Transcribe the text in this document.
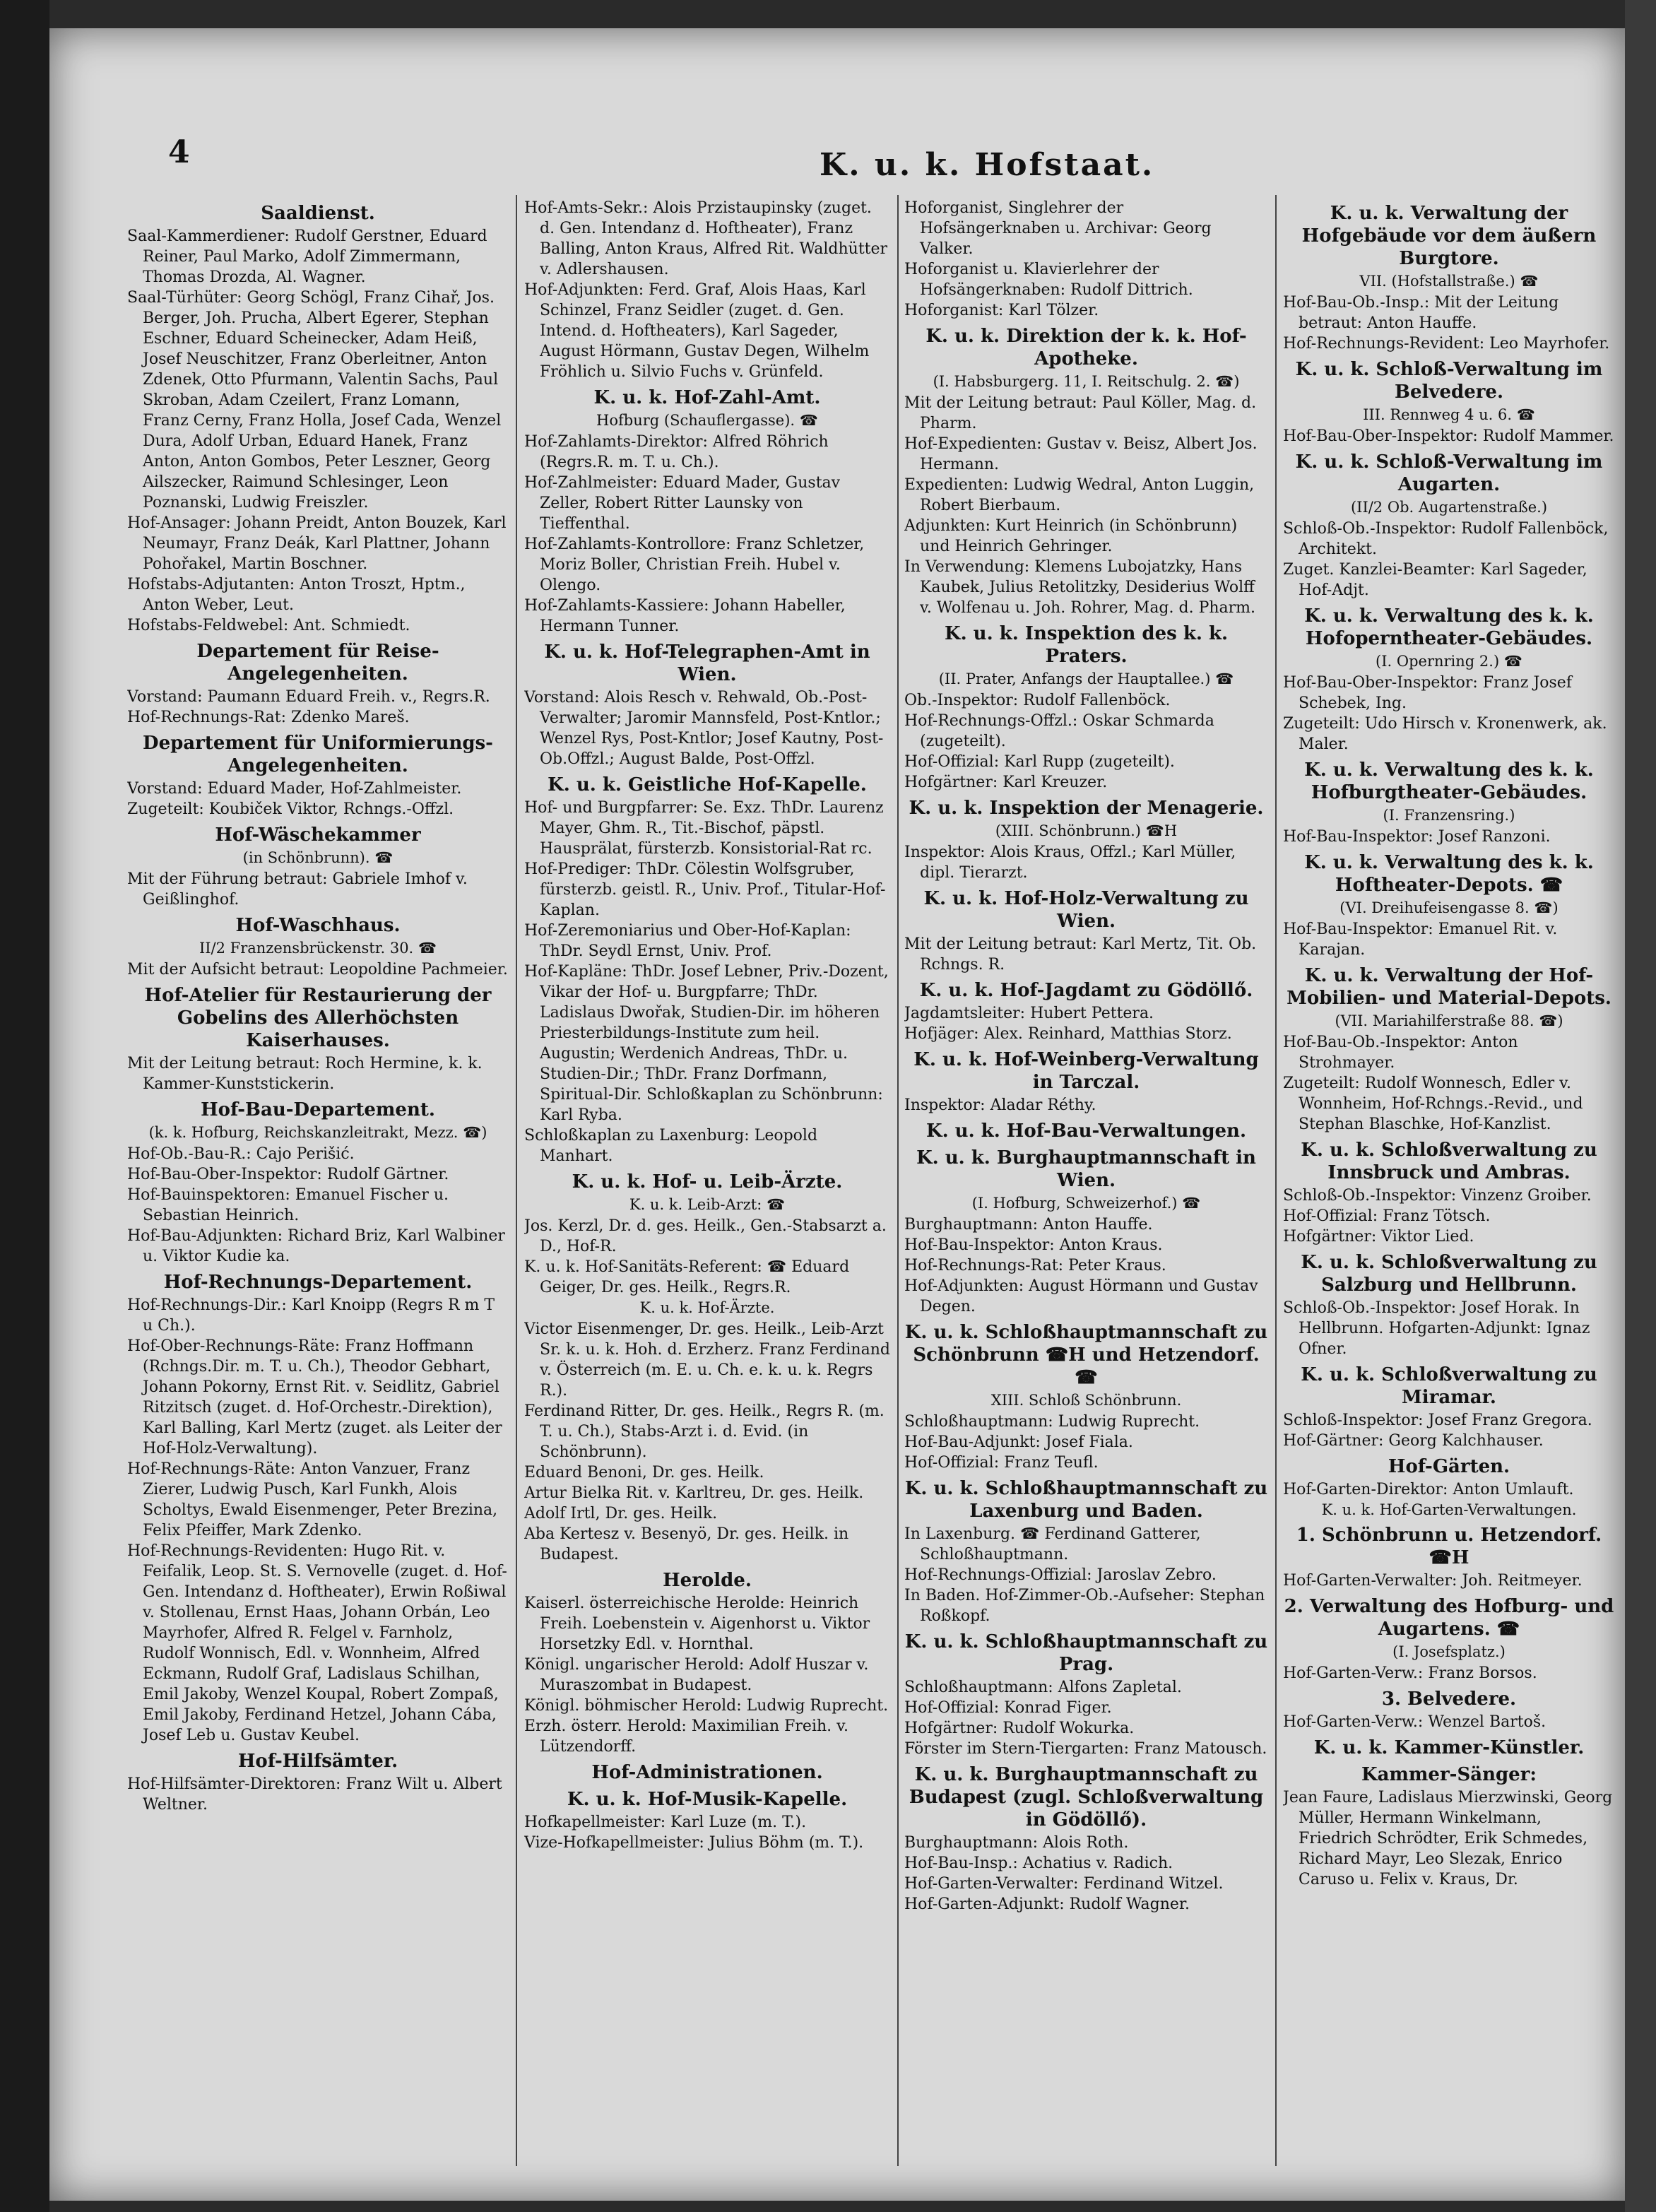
4	K. u. k. Hofstaat.
Saaldienst.
Saal-Kammerdiener: Rudolf Gerstner, Eduard Reiner, Paul Marko, Adolf Zimmermann, Thomas Drozda, Al. Wagner.
Saal-Türhüter: Georg Schögl, Franz Cihař, Jos. Berger, Joh. Prucha, Albert Egerer, Stephan Eschner, Eduard Scheinecker, Adam Heiß, Josef Neuschitzer, Franz Oberleitner, Anton Zdenek, Otto Pfurmann, Valentin Sachs, Paul Skroban, Adam Czeilert, Franz Lomann, Franz Cerny, Franz Holla, Josef Cada, Wenzel Dura, Adolf Urban, Eduard Hanek, Franz Anton, Anton Gombos, Peter Leszner, Georg Ailszecker, Raimund Schlesinger, Leon Poznanski, Ludwig Freiszler.
Hof-Ansager: Johann Preidt, Anton Bouzek, Karl Neumayr, Franz Deák, Karl Plattner, Johann Pohořakel, Martin Boschner.
Hofstabs-Adjutanten: Anton Troszt, Hptm., Anton Weber, Leut.
Hofstabs-Feldwebel: Ant. Schmiedt.
Departement für Reise-Angelegenheiten.
Vorstand: Paumann Eduard Freih. v., Regrs.R.
Hof-Rechnungs-Rat: Zdenko Mareš.
Departement für Uniformierungs-Angelegenheiten.
Vorstand: Eduard Mader, Hof-Zahlmeister.
Zugeteilt: Koubiček Viktor, Rchngs.-Offzl.
Hof-Wäschekammer
(in Schönbrunn). ☎
Mit der Führung betraut: Gabriele Imhof v. Geißlinghof.
Hof-Waschhaus.
II/2 Franzensbrückenstr. 30. ☎
Mit der Aufsicht betraut: Leopoldine Pachmeier.
Hof-Atelier für Restaurierung der Gobelins des Allerhöchsten Kaiserhauses.
Mit der Leitung betraut: Roch Hermine, k. k. Kammer-Kunststickerin.
Hof-Bau-Departement.
(k. k. Hofburg, Reichskanzleitrakt, Mezz. ☎)
Hof-Ob.-Bau-R.: Cajo Perišić.
Hof-Bau-Ober-Inspektor: Rudolf Gärtner.
Hof-Bauinspektoren: Emanuel Fischer u. Sebastian Heinrich.
Hof-Bau-Adjunkten: Richard Briz, Karl Walbiner u. Viktor Kudie ka.
Hof-Rechnungs-Departement.
Hof-Rechnungs-Dir.: Karl Knoipp (Regrs R m T u Ch.).
Hof-Ober-Rechnungs-Räte: Franz Hoffmann (Rchngs.Dir. m. T. u. Ch.), Theodor Gebhart, Johann Pokorny, Ernst Rit. v. Seidlitz, Gabriel Ritzitsch (zuget. d. Hof-Orchestr.-Direktion), Karl Balling, Karl Mertz (zuget. als Leiter der Hof-Holz-Verwaltung).
Hof-Rechnungs-Räte: Anton Vanzuer, Franz Zierer, Ludwig Pusch, Karl Funkh, Alois Scholtys, Ewald Eisenmenger, Peter Brezina, Felix Pfeiffer, Mark Zdenko.
Hof-Rechnungs-Revidenten: Hugo Rit. v. Feifalik, Leop. St. S. Vernovelle (zuget. d. Hof-Gen. Intendanz d. Hoftheater), Erwin Roßiwal v. Stollenau, Ernst Haas, Johann Orbán, Leo Mayrhofer, Alfred R. Felgel v. Farnholz, Rudolf Wonnisch, Edl. v. Wonnheim, Alfred Eckmann, Rudolf Graf, Ladislaus Schilhan, Emil Jakoby, Wenzel Koupal, Robert Zompaß, Emil Jakoby, Ferdinand Hetzel, Johann Cába, Josef Leb u. Gustav Keubel.
Hof-Hilfsämter.
Hof-Hilfsämter-Direktoren: Franz Wilt u. Albert Weltner.
Hof-Amts-Sekr.: Alois Przistaupinsky (zuget. d. Gen. Intendanz d. Hoftheater), Franz Balling, Anton Kraus, Alfred Rit. Waldhütter v. Adlershausen.
Hof-Adjunkten: Ferd. Graf, Alois Haas, Karl Schinzel, Franz Seidler (zuget. d. Gen. Intend. d. Hoftheaters), Karl Sageder, August Hörmann, Gustav Degen, Wilhelm Fröhlich u. Silvio Fuchs v. Grünfeld.
K. u. k. Hof-Zahl-Amt.
Hofburg (Schauflergasse). ☎
Hof-Zahlamts-Direktor: Alfred Röhrich (Regrs.R. m. T. u. Ch.).
Hof-Zahlmeister: Eduard Mader, Gustav Zeller, Robert Ritter Launsky von Tieffenthal.
Hof-Zahlamts-Kontrollore: Franz Schletzer, Moriz Boller, Christian Freih. Hubel v. Olengo.
Hof-Zahlamts-Kassiere: Johann Habeller, Hermann Tunner.
K. u. k. Hof-Telegraphen-Amt in Wien.
Vorstand: Alois Resch v. Rehwald, Ob.-Post-Verwalter; Jaromir Mannsfeld, Post-Kntlor.; Wenzel Rys, Post-Kntlor; Josef Kautny, Post-Ob.Offzl.; August Balde, Post-Offzl.
K. u. k. Geistliche Hof-Kapelle.
Hof- und Burgpfarrer: Se. Exz. ThDr. Laurenz Mayer, Ghm. R., Tit.-Bischof, päpstl. Hausprälat, fürsterzb. Konsistorial-Rat rc.
Hof-Prediger: ThDr. Cölestin Wolfsgruber, fürsterzb. geistl. R., Univ. Prof., Titular-Hof-Kaplan.
Hof-Zeremoniarius und Ober-Hof-Kaplan: ThDr. Seydl Ernst, Univ. Prof.
Hof-Kapläne: ThDr. Josef Lebner, Priv.-Dozent, Vikar der Hof- u. Burgpfarre; ThDr. Ladislaus Dwořak, Studien-Dir. im höheren Priesterbildungs-Institute zum heil. Augustin; Werdenich Andreas, ThDr. u. Studien-Dir.; ThDr. Franz Dorfmann, Spiritual-Dir. Schloßkaplan zu Schönbrunn: Karl Ryba.
Schloßkaplan zu Laxenburg: Leopold Manhart.
K. u. k. Hof- u. Leib-Ärzte.
K. u. k. Leib-Arzt: ☎
Jos. Kerzl, Dr. d. ges. Heilk., Gen.-Stabsarzt a. D., Hof-R.
K. u. k. Hof-Sanitäts-Referent: ☎ Eduard Geiger, Dr. ges. Heilk., Regrs.R.
K. u. k. Hof-Ärzte.
Victor Eisenmenger, Dr. ges. Heilk., Leib-Arzt Sr. k. u. k. Hoh. d. Erzherz. Franz Ferdinand v. Österreich (m. E. u. Ch. e. k. u. k. Regrs R.).
Ferdinand Ritter, Dr. ges. Heilk., Regrs R. (m. T. u. Ch.), Stabs-Arzt i. d. Evid. (in Schönbrunn).
Eduard Benoni, Dr. ges. Heilk.
Artur Bielka Rit. v. Karltreu, Dr. ges. Heilk.
Adolf Irtl, Dr. ges. Heilk.
Aba Kertesz v. Besenyö, Dr. ges. Heilk. in Budapest.
Herolde.
Kaiserl. österreichische Herolde: Heinrich Freih. Loebenstein v. Aigenhorst u. Viktor Horsetzky Edl. v. Hornthal.
Königl. ungarischer Herold: Adolf Huszar v. Muraszombat in Budapest.
Königl. böhmischer Herold: Ludwig Ruprecht.
Erzh. österr. Herold: Maximilian Freih. v. Lützendorff.
Hof-Administrationen.
K. u. k. Hof-Musik-Kapelle.
Hofkapellmeister: Karl Luze (m. T.).
Vize-Hofkapellmeister: Julius Böhm (m. T.).
Hoforganist, Singlehrer der Hofsängerknaben u. Archivar: Georg Valker.
Hoforganist u. Klavierlehrer der Hofsängerknaben: Rudolf Dittrich.
Hoforganist: Karl Tölzer.
K. u. k. Direktion der k. k. Hof-Apotheke.
(I. Habsburgerg. 11, I. Reitschulg. 2. ☎)
Mit der Leitung betraut: Paul Köller, Mag. d. Pharm.
Hof-Expedienten: Gustav v. Beisz, Albert Jos. Hermann.
Expedienten: Ludwig Wedral, Anton Luggin, Robert Bierbaum.
Adjunkten: Kurt Heinrich (in Schönbrunn) und Heinrich Gehringer.
In Verwendung: Klemens Lubojatzky, Hans Kaubek, Julius Retolitzky, Desiderius Wolff v. Wolfenau u. Joh. Rohrer, Mag. d. Pharm.
K. u. k. Inspektion des k. k. Praters.
(II. Prater, Anfangs der Hauptallee.) ☎
Ob.-Inspektor: Rudolf Fallenböck.
Hof-Rechnungs-Offzl.: Oskar Schmarda (zugeteilt).
Hof-Offizial: Karl Rupp (zugeteilt).
Hofgärtner: Karl Kreuzer.
K. u. k. Inspektion der Menagerie.
(XIII. Schönbrunn.) ☎H
Inspektor: Alois Kraus, Offzl.; Karl Müller, dipl. Tierarzt.
K. u. k. Hof-Holz-Verwaltung zu Wien.
Mit der Leitung betraut: Karl Mertz, Tit. Ob. Rchngs. R.
K. u. k. Hof-Jagdamt zu Gödöllő.
Jagdamtsleiter: Hubert Pettera.
Hofjäger: Alex. Reinhard, Matthias Storz.
K. u. k. Hof-Weinberg-Verwaltung in Tarczal.
Inspektor: Aladar Réthy.
K. u. k. Hof-Bau-Verwaltungen.
K. u. k. Burghauptmannschaft in Wien.
(I. Hofburg, Schweizerhof.) ☎
Burghauptmann: Anton Hauffe.
Hof-Bau-Inspektor: Anton Kraus.
Hof-Rechnungs-Rat: Peter Kraus.
Hof-Adjunkten: August Hörmann und Gustav Degen.
K. u. k. Schloßhauptmannschaft zu Schönbrunn ☎H und Hetzendorf. ☎
XIII. Schloß Schönbrunn.
Schloßhauptmann: Ludwig Ruprecht.
Hof-Bau-Adjunkt: Josef Fiala.
Hof-Offizial: Franz Teufl.
K. u. k. Schloßhauptmannschaft zu Laxenburg und Baden.
In Laxenburg. ☎ Ferdinand Gatterer, Schloßhauptmann.
Hof-Rechnungs-Offizial: Jaroslav Zebro.
In Baden. Hof-Zimmer-Ob.-Aufseher: Stephan Roßkopf.
K. u. k. Schloßhauptmannschaft zu Prag.
Schloßhauptmann: Alfons Zapletal.
Hof-Offizial: Konrad Figer.
Hofgärtner: Rudolf Wokurka.
Förster im Stern-Tiergarten: Franz Matousch.
K. u. k. Burghauptmannschaft zu Budapest (zugl. Schloßverwaltung in Gödöllő).
Burghauptmann: Alois Roth.
Hof-Bau-Insp.: Achatius v. Radich.
Hof-Garten-Verwalter: Ferdinand Witzel.
Hof-Garten-Adjunkt: Rudolf Wagner.
K. u. k. Verwaltung der Hofgebäude vor dem äußern Burgtore.
VII. (Hofstallstraße.) ☎
Hof-Bau-Ob.-Insp.: Mit der Leitung betraut: Anton Hauffe.
Hof-Rechnungs-Revident: Leo Mayrhofer.
K. u. k. Schloß-Verwaltung im Belvedere.
III. Rennweg 4 u. 6. ☎
Hof-Bau-Ober-Inspektor: Rudolf Mammer.
K. u. k. Schloß-Verwaltung im Augarten.
(II/2 Ob. Augartenstraße.)
Schloß-Ob.-Inspektor: Rudolf Fallenböck, Architekt.
Zuget. Kanzlei-Beamter: Karl Sageder, Hof-Adjt.
K. u. k. Verwaltung des k. k. Hofoperntheater-Gebäudes.
(I. Opernring 2.) ☎
Hof-Bau-Ober-Inspektor: Franz Josef Schebek, Ing.
Zugeteilt: Udo Hirsch v. Kronenwerk, ak. Maler.
K. u. k. Verwaltung des k. k. Hofburgtheater-Gebäudes.
(I. Franzensring.)
Hof-Bau-Inspektor: Josef Ranzoni.
K. u. k. Verwaltung des k. k. Hoftheater-Depots. ☎
(VI. Dreihufeisengasse 8. ☎)
Hof-Bau-Inspektor: Emanuel Rit. v. Karajan.
K. u. k. Verwaltung der Hof-Mobilien- und Material-Depots.
(VII. Mariahilferstraße 88. ☎)
Hof-Bau-Ob.-Inspektor: Anton Strohmayer.
Zugeteilt: Rudolf Wonnesch, Edler v. Wonnheim, Hof-Rchngs.-Revid., und Stephan Blaschke, Hof-Kanzlist.
K. u. k. Schloßverwaltung zu Innsbruck und Ambras.
Schloß-Ob.-Inspektor: Vinzenz Groiber.
Hof-Offizial: Franz Tötsch.
Hofgärtner: Viktor Lied.
K. u. k. Schloßverwaltung zu Salzburg und Hellbrunn.
Schloß-Ob.-Inspektor: Josef Horak. In Hellbrunn. Hofgarten-Adjunkt: Ignaz Ofner.
K. u. k. Schloßverwaltung zu Miramar.
Schloß-Inspektor: Josef Franz Gregora.
Hof-Gärtner: Georg Kalchhauser.
Hof-Gärten.
Hof-Garten-Direktor: Anton Umlauft.
K. u. k. Hof-Garten-Verwaltungen.
1. Schönbrunn u. Hetzendorf. ☎H
Hof-Garten-Verwalter: Joh. Reitmeyer.
2. Verwaltung des Hofburg- und Augartens. ☎
(I. Josefsplatz.)
Hof-Garten-Verw.: Franz Borsos.
3. Belvedere.
Hof-Garten-Verw.: Wenzel Bartoš.
K. u. k. Kammer-Künstler.
Kammer-Sänger:
Jean Faure, Ladislaus Mierzwinski, Georg Müller, Hermann Winkelmann, Friedrich Schrödter, Erik Schmedes, Richard Mayr, Leo Slezak, Enrico Caruso u. Felix v. Kraus, Dr.
